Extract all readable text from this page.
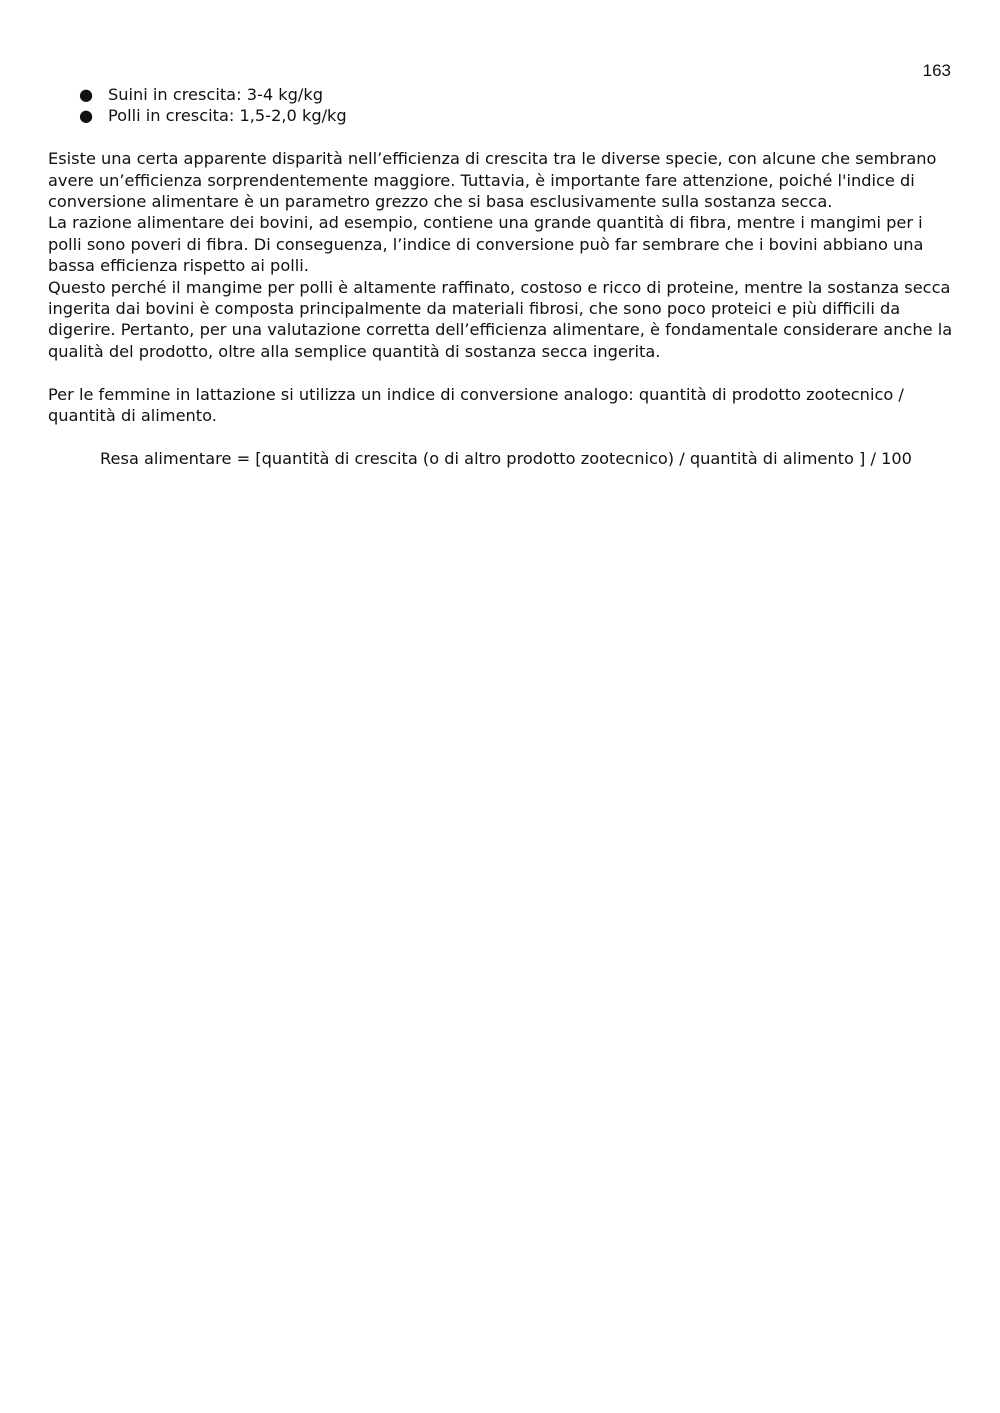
163
● Suini in crescita: 3-4 kg/kg
● Polli in crescita: 1,5-2,0 kg/kg

Esiste una certa apparente disparità nell’efficienza di crescita tra le diverse specie, con alcune che sembrano avere un’efficienza sorprendentemente maggiore. Tuttavia, è importante fare attenzione, poiché l'indice di conversione alimentare è un parametro grezzo che si basa esclusivamente sulla sostanza secca.

La razione alimentare dei bovini, ad esempio, contiene una grande quantità di fibra, mentre i mangimi per i polli sono poveri di fibra. Di conseguenza, l’indice di conversione può far sembrare che i bovini abbiano una bassa efficienza rispetto ai polli.

Questo perché il mangime per polli è altamente raffinato, costoso e ricco di proteine, mentre la sostanza secca ingerita dai bovini è composta principalmente da materiali fibrosi, che sono poco proteici e più difficili da digerire. Pertanto, per una valutazione corretta dell’efficienza alimentare, è fondamentale considerare anche la qualità del prodotto, oltre alla semplice quantità di sostanza secca ingerita.

Per le femmine in lattazione si utilizza un indice di conversione analogo: quantità di prodotto zootecnico / quantità di alimento.

Resa alimentare = [quantità di crescita (o di altro prodotto zootecnico) / quantità di alimento ] / 100
